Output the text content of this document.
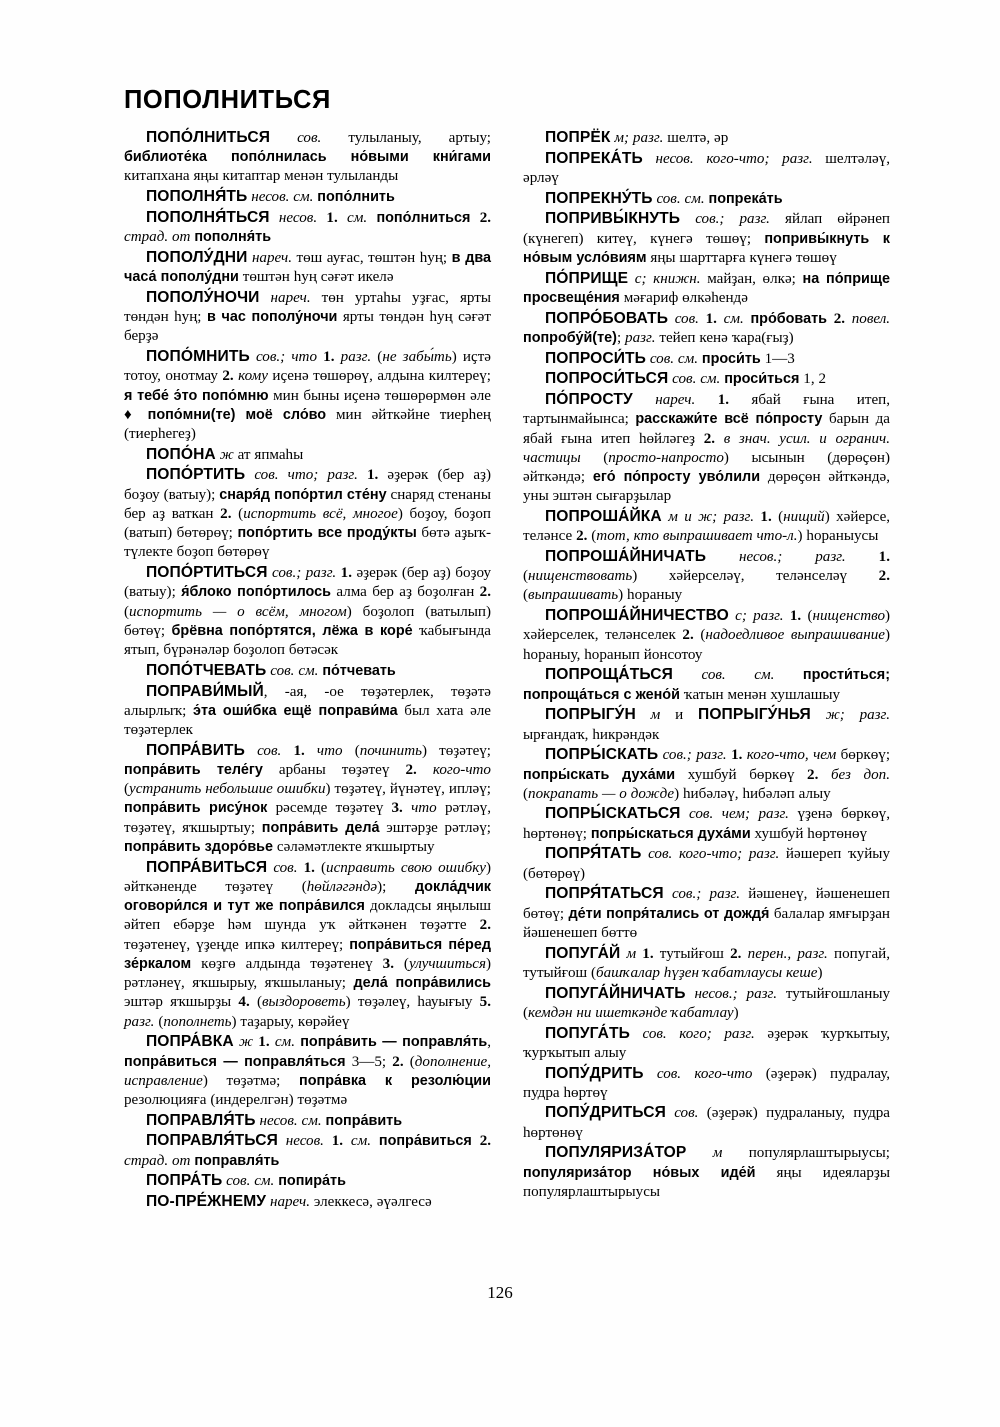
ПОПОЛНИТЬСЯ

ПОПО́ЛНИТЬСЯ сов. тулыланыу, артыу; библиоте́ка попо́лнилась но́выми кни́гами китапхана яңы китаптар менән тулыланды

ПОПОЛНЯ́ТЬ несов. см. попо́лнить

ПОПОЛНЯ́ТЬСЯ несов. 1. см. попо́лниться 2. страд. от пополня́ть

ПОПОЛУ́ДНИ нареч. төш ауғас, төштән һуң; в два часа́ пополу́дни төштән һуң сәғәт икелә

ПОПОЛУ́НОЧИ нареч. төн уртаһы уҙғас, ярты төндән һуң; в час пополу́ночи ярты төндән һуң сәғәт берҙә

ПОПО́МНИТЬ сов.; что 1. разг. (не забы́ть) иҫтә тотоу, онотмау 2. кому иҫенә төшөрөү, алдына килтереү; я тебе́ э́то попо́мню мин быны иҫенә төшөрөрмөн әле ♦ попо́мни(те) моё сло́во мин әйткәйне тиерһең (тиерһегеҙ)

ПОПО́НА ж ат япмаһы

ПОПО́РТИТЬ сов. что; разг. 1. әҙерәк (бер аҙ) боҙоу (ватыу); снаря́д попо́ртил сте́ну снаряд стенаны бер аҙ ваткан 2. (испортить всё, многое) боҙоу, боҙоп (ватып) бөтөрөү; попо́ртить все проду́кты бөтә аҙыҡ-түлекте боҙоп бөтөрөү

ПОПО́РТИТЬСЯ сов.; разг. 1. әҙерәк (бер аҙ) боҙоу (ватыу); я́блоко попо́ртилось алма бер аҙ боҙолған 2. (испортить — о всём, многом) боҙолоп (ватылып) бөтөү; брёвна попо́ртятся, лёжа в коре́ ҡабығында ятып, бүрәнәләр боҙолоп бөтәсәк

ПОПО́ТЧЕВАТЬ сов. см. по́тчевать

ПОПРАВИ́МЫЙ, -ая, -ое төҙәтерлек, төҙәтә алырлыҡ; э́та оши́бка ещё поправи́ма был хата әле төҙәтерлек

ПОПРА́ВИТЬ сов. 1. что (починить) төҙәтеү; попра́вить теле́гу арбаны төҙәтеү 2. кого-что (устранить небольшие ошибки) төҙәтеү, йүнәтеү, ипләү; попра́вить рису́нок рәсемде төҙәтеү 3. что рәтләү, төҙәтеү, яҡшыртыу; попра́вить дела́ эштәрҙе рәтләү; попра́вить здоро́вье сәләмәтлекте яҡшыртыу

ПОПРА́ВИТЬСЯ сов. 1. (исправить свою ошибку) әйткәненде төҙәтеү (һөйләгәндә); докла́дчик оговори́лся и тут же попра́вился докладсы яңылыш әйтеп ебәрҙе һәм шунда уҡ әйткәнен төҙәтте 2. төҙәтенеү, үҙеңде ипкә килтереү; попра́виться пе́ред зе́ркалом көҙгө алдында төҙәтенеү 3. (улучшиться) рәтләнеү, яҡшырыу, яҡшыланыу; дела́ попра́вились эштәр яҡшырҙы 4. (выздороветь) төҙәлеү, һауығыу 5. разг. (пополнеть) таҙарыу, көрәйеү

ПОПРА́ВКА ж 1. см. попра́вить — поправля́ть, попра́виться — поправля́ться 3—5; 2. (дополнение, исправление) төҙәтмә; попра́вка к резолю́ции резолюцияға (индерелгән) төҙәтмә

ПОПРАВЛЯ́ТЬ несов. см. попра́вить

ПОПРАВЛЯ́ТЬСЯ несов. 1. см. попра́виться 2. страд. от поправля́ть

ПОПРА́ТЬ сов. см. попира́ть

ПО-ПРЕ́ЖНЕМУ нареч. элеккесә, әүәлгесә

ПОПРЁК м; разг. шелтә, әр

ПОПРЕКА́ТЬ несов. кого-что; разг. шелтәләү, әрләү

ПОПРЕКНУ́ТЬ сов. см. попрека́ть

ПОПРИВЫ́КНУТЬ сов.; разг. яйлап өйрәнеп (күнегеп) китеү, күнегә төшөү; попривы́кнуть к но́вым усло́виям яңы шарттарға күнегә төшөү

ПО́ПРИЩЕ с; книжн. майҙан, өлкә; на по́прище просвеще́ния мәғариф өлкәһендә

ПОПРО́БОВАТЬ сов. 1. см. про́бовать 2. повел. попробу́й(те); разг. тейеп кенә ҡара(ғыҙ)

ПОПРОСИ́ТЬ сов. см. проси́ть 1—3

ПОПРОСИ́ТЬСЯ сов. см. проси́ться 1, 2

ПО́ПРОСТУ нареч. 1. ябай ғына итеп, тартынмайынса; расскажи́те всё по́просту барын да ябай ғына итеп һөйләгеҙ 2. в знач. усил. и огранич. частицы (просто-напросто) ысынын (дөрөҫөн) әйткәндә; его́ по́просту уво́лили дөрөҫөн әйткәндә, уны эштән сығарҙылар

ПОПРОША́ЙКА м и ж; разг. 1. (нищий) хәйерсе, теләнсе 2. (тот, кто выпрашивает что-л.) һораныусы

ПОПРОША́ЙНИЧАТЬ несов.; разг. 1. (нищенствовать) хәйерселәү, теләнселәү 2. (выпрашивать) һораныу

ПОПРОША́ЙНИЧЕСТВО с; разг. 1. (нищенство) хәйерселек, теләнселек 2. (надоедливое выпрашивание) һораныу, һоранып йонсотоу

ПОПРОЩА́ТЬСЯ сов. см. прости́ться; попроща́ться с жено́й ҡатын менән хушлашыу

ПОПРЫГУ́Н м и ПОПРЫГУ́НЬЯ ж; разг. ырғандаҡ, һикрәндәк

ПОПРЫ́СКАТЬ сов.; разг. 1. кого-что, чем бөркөү; попры́скать духа́ми хушбуй бөркөү 2. без доп. (покрапать — о дожде) һибәләү, һибәләп алыу

ПОПРЫ́СКАТЬСЯ сов. чем; разг. үҙенә бөркөү, һөртөнөү; попры́скаться духа́ми хушбуй һөртөнөү

ПОПРЯ́ТАТЬ сов. кого-что; разг. йәшереп ҡуйыу (бөтөрөү)

ПОПРЯ́ТАТЬСЯ сов.; разг. йәшенеү, йәшенешеп бөтөү; де́ти попря́тались от дождя́ балалар ямғырҙан йәшенешеп бөттө

ПОПУГА́Й м 1. тутыйғош 2. перен., разг. попугай, тутыйғош (башҡалар һүҙен ҡабатлаусы кеше)

ПОПУГА́ЙНИЧАТЬ несов.; разг. тутыйғошланыу (кемдән ни ишеткәнде ҡабатлау)

ПОПУГА́ТЬ сов. кого; разг. әҙерәк ҡурҡытыу, ҡурҡытып алыу

ПОПУ́ДРИТЬ сов. кого-что (әҙерәк) пудралау, пудра һөртөү

ПОПУ́ДРИТЬСЯ сов. (әҙерәк) пудраланыу, пудра һөртөнөү

ПОПУЛЯРИЗА́ТОР м популярлаштырыусы; популяриза́тор но́вых иде́й яңы идеяларҙы популярлаштырыусы

126
